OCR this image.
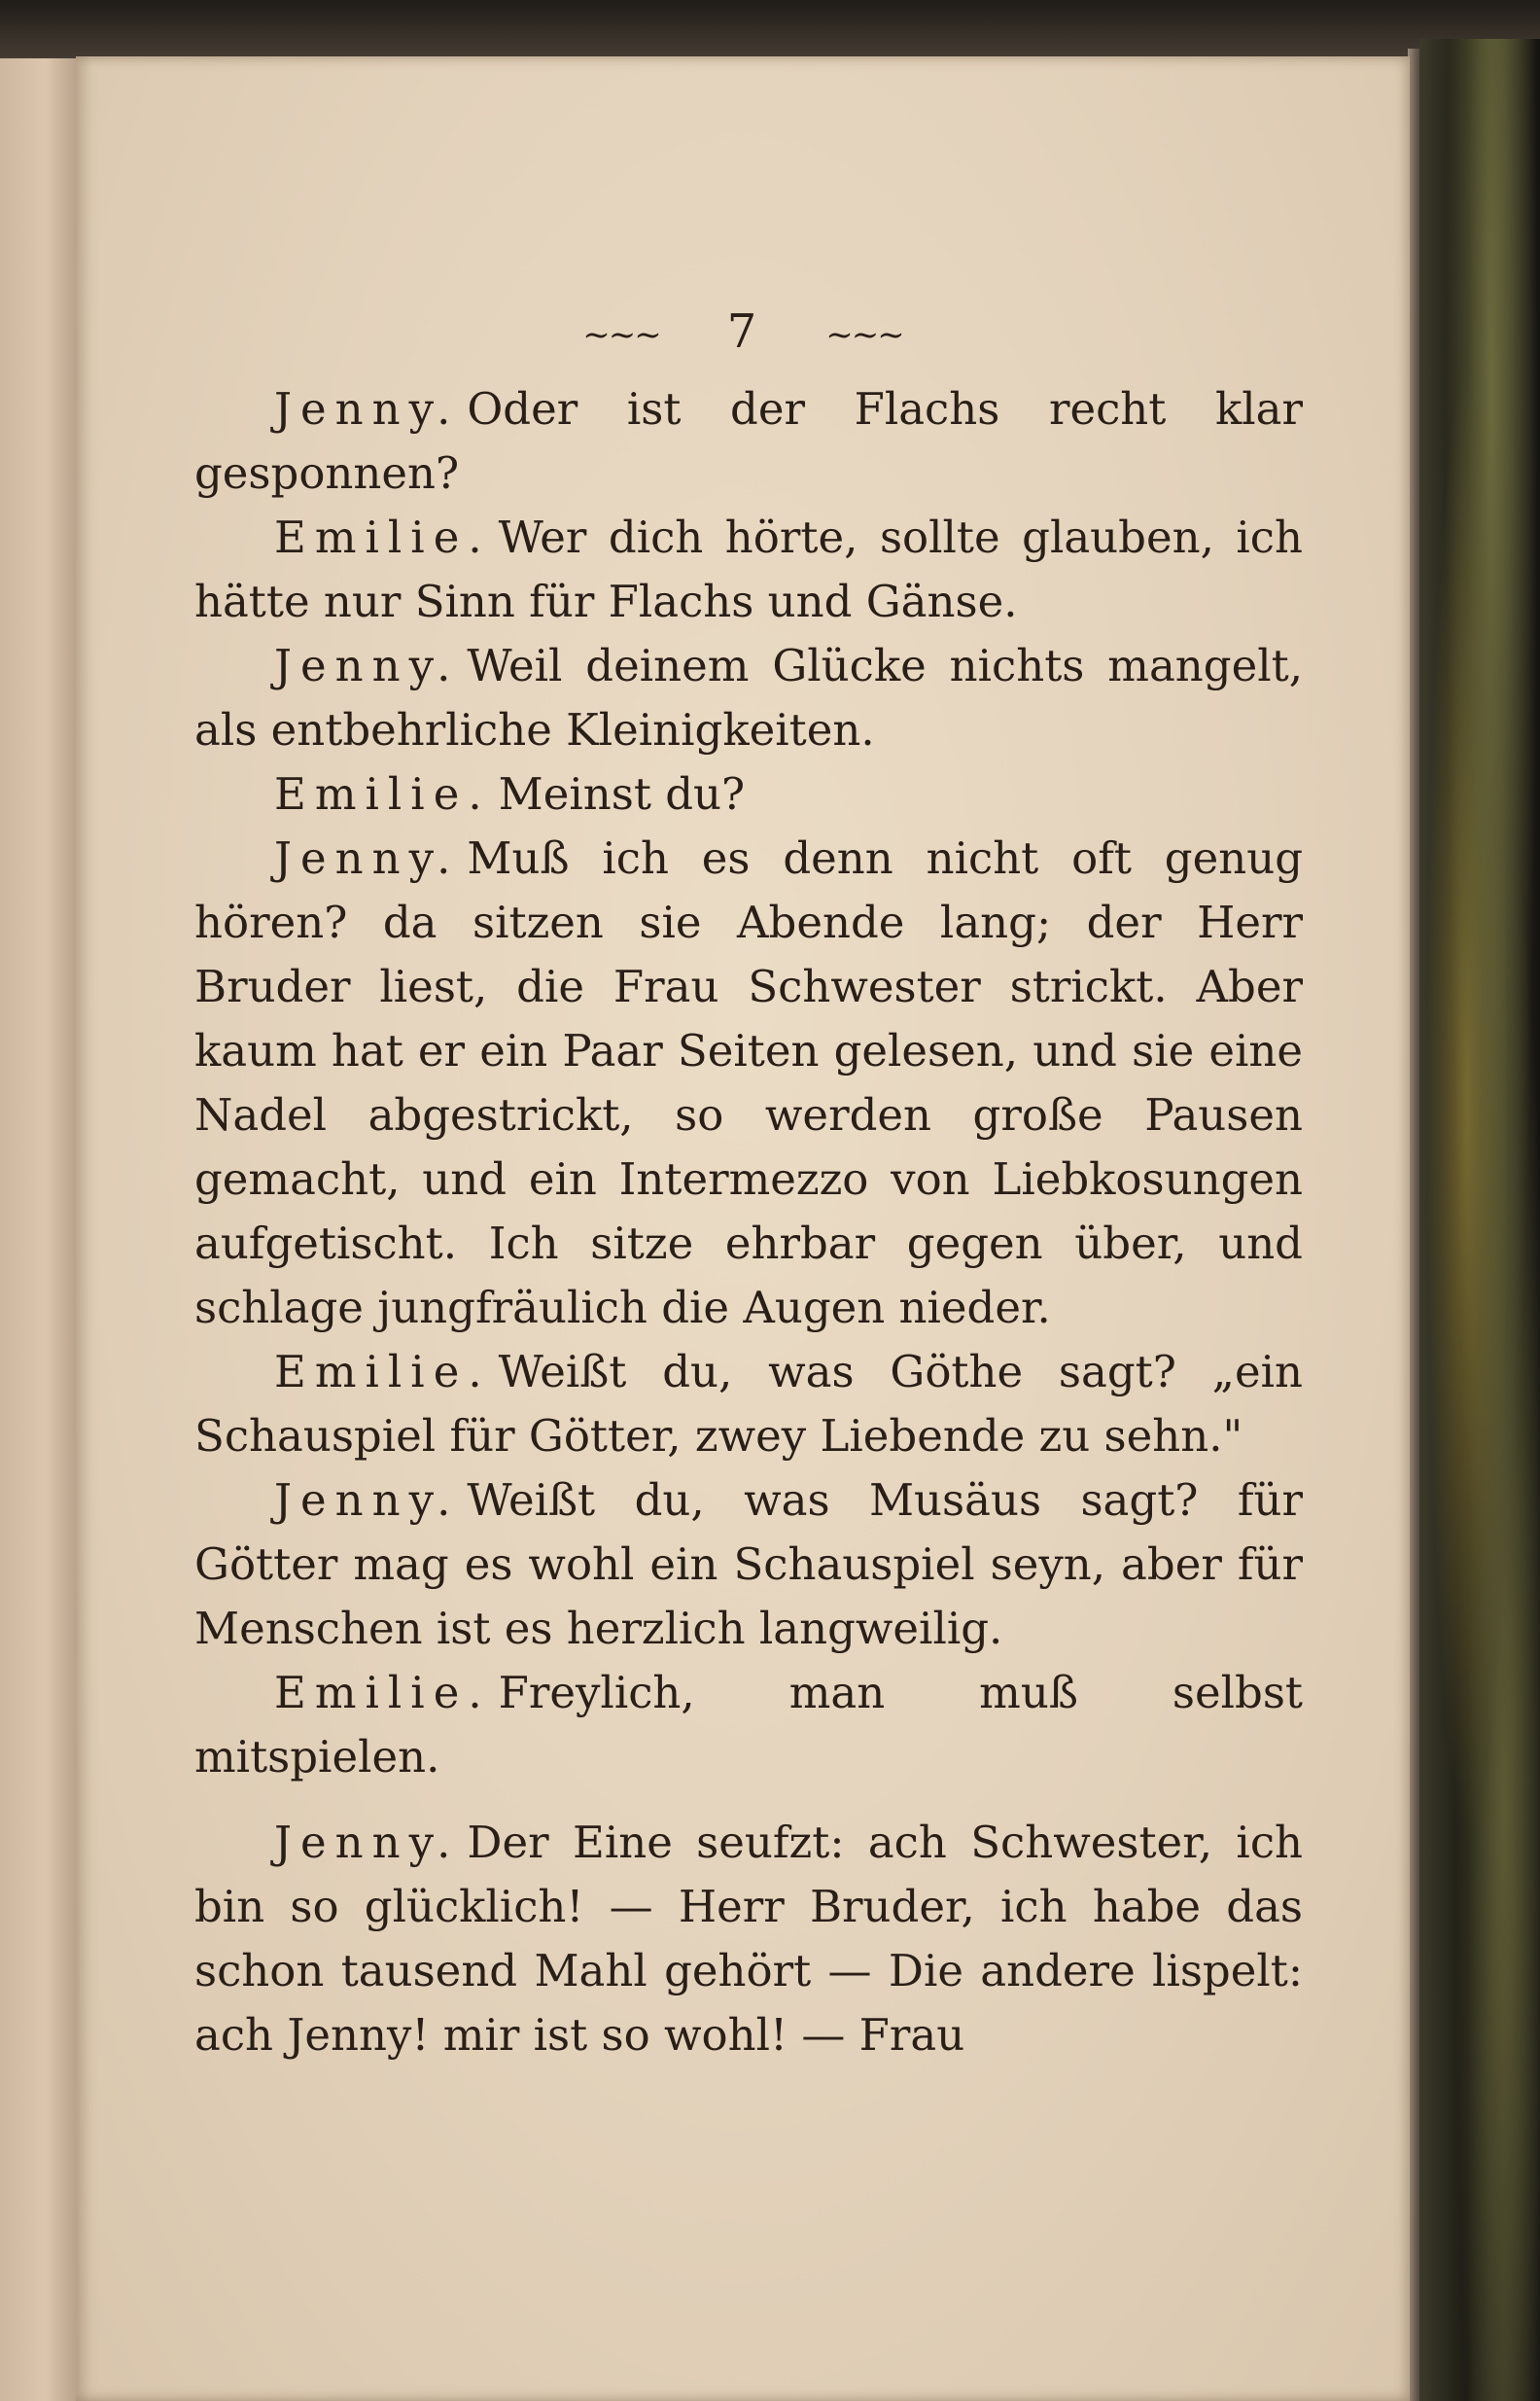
~~~ 7 ~~~

Jenny. Oder ist der Flachs recht klar gesponnen?

Emilie. Wer dich hörte, sollte glauben, ich hätte nur Sinn für Flachs und Gänse.

Jenny. Weil deinem Glücke nichts mangelt, als entbehrliche Kleinigkeiten.

Emilie. Meinst du?

Jenny. Muß ich es denn nicht oft genug hören? da sitzen sie Abende lang; der Herr Bruder liest, die Frau Schwester strickt. Aber kaum hat er ein Paar Seiten gelesen, und sie eine Nadel abgestrickt, so werden große Pausen gemacht, und ein Intermezzo von Liebkosungen aufgetischt. Ich sitze ehrbar gegen über, und schlage jungfräulich die Augen nieder.

Emilie. Weißt du, was Göthe sagt? „ein Schauspiel für Götter, zwey Liebende zu sehn."

Jenny. Weißt du, was Musäus sagt? für Götter mag es wohl ein Schauspiel seyn, aber für Menschen ist es herzlich langweilig.

Emilie. Freylich, man muß selbst mitspielen.

Jenny. Der Eine seufzt: ach Schwester, ich bin so glücklich! — Herr Bruder, ich habe das schon tausend Mahl gehört — Die andere lispelt: ach Jenny! mir ist so wohl! — Frau
